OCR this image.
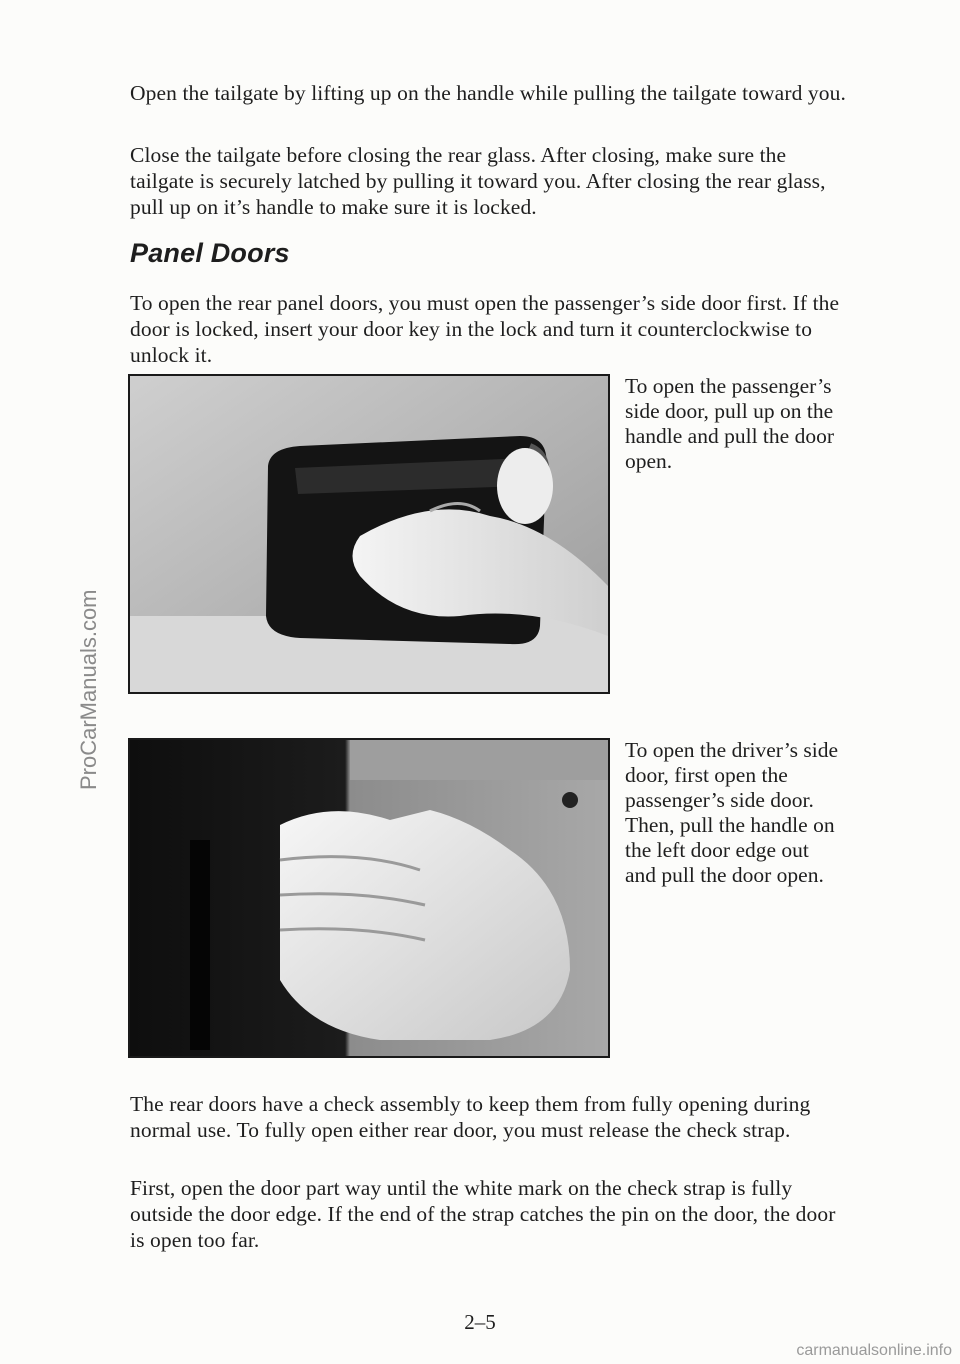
Open the tailgate by lifting up on the handle while pulling the tailgate toward you.

Close the tailgate before closing the rear glass. After closing, make sure the tailgate is securely latched by pulling it toward you. After closing the rear glass, pull up on it’s handle to make sure it is locked.

Panel Doors

To open the rear panel doors, you must open the passenger’s side door first. If the door is locked, insert your door key in the lock and turn it counterclockwise to unlock it.

To open the passenger’s side door, pull up on the handle and pull the door open.

To open the driver’s side door, first open the passenger’s side door. Then, pull the handle on the left door edge out and pull the door open.

The rear doors have a check assembly to keep them from fully opening during normal use. To fully open either rear door, you must release the check strap.

First, open the door part way until the white mark on the check strap is fully outside the door edge. If the end of the strap catches the pin on the door, the door is open too far.

2–5

ProCarManuals.com

carmanualsonline.info
